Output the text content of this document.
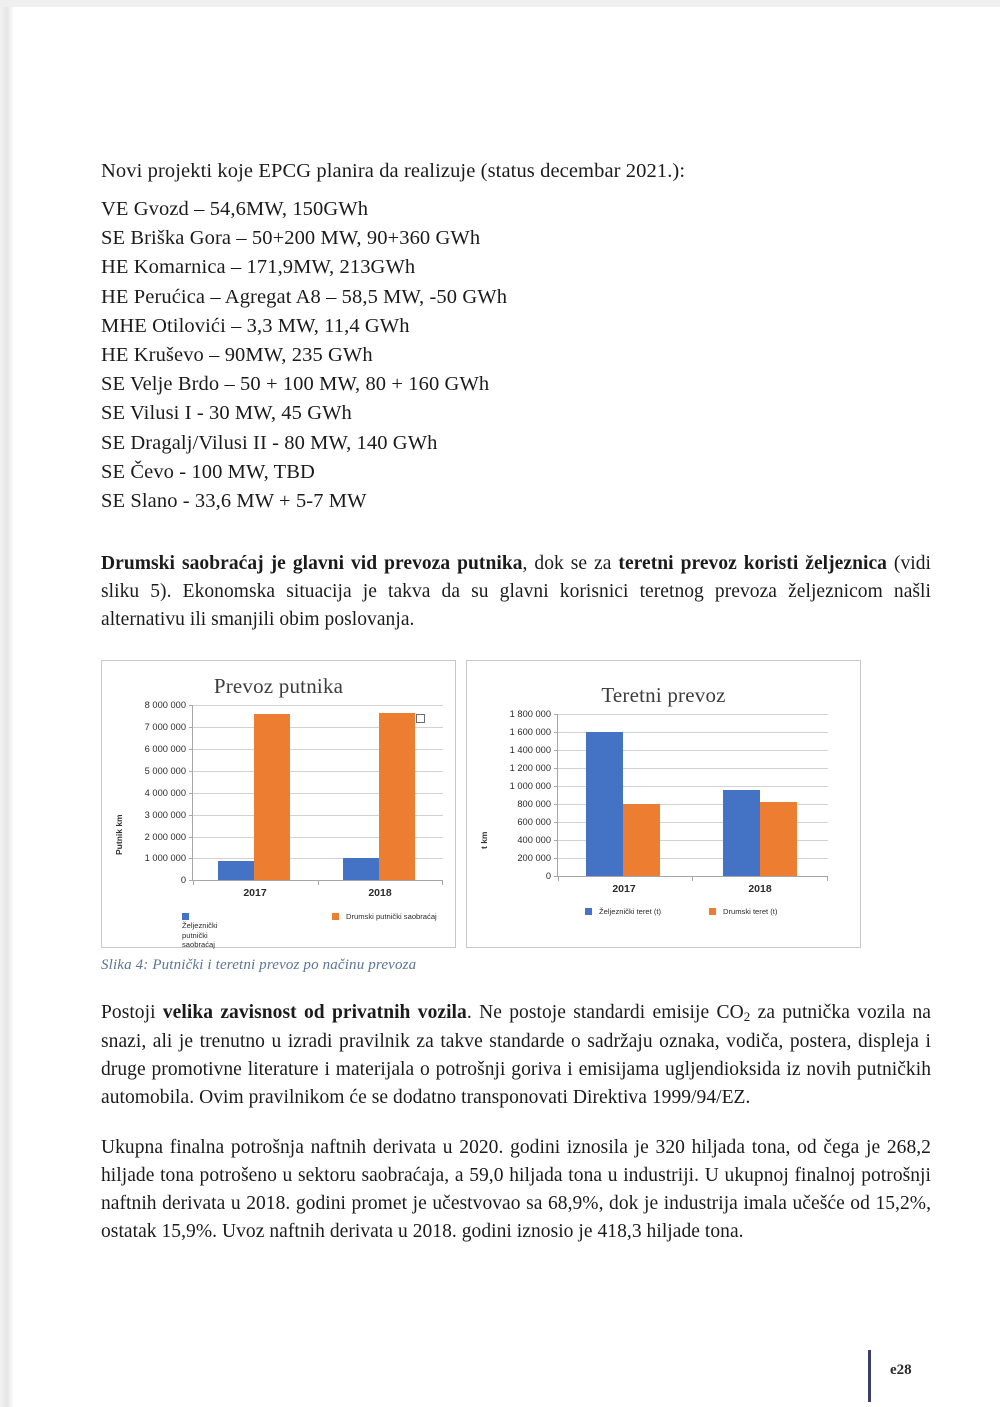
Novi projekti koje EPCG planira da realizuje (status decembar 2021.):

VE Gvozd – 54,6MW, 150GWh
SE Briška Gora – 50+200 MW, 90+360 GWh
HE Komarnica – 171,9MW, 213GWh
HE Perućica – Agregat A8 – 58,5 MW, -50 GWh
MHE Otilovići – 3,3 MW, 11,4 GWh
HE Kruševo – 90MW, 235 GWh
SE Velje Brdo – 50 + 100 MW, 80 + 160 GWh
SE Vilusi I - 30 MW, 45 GWh
SE Dragalj/Vilusi II - 80 MW, 140 GWh
SE Čevo - 100 MW, TBD
SE Slano - 33,6 MW + 5-7 MW

Drumski saobraćaj je glavni vid prevoza putnika, dok se za teretni prevoz koristi željeznica (vidi sliku 5). Ekonomska situacija je takva da su glavni korisnici teretnog prevoza željeznicom našli alternativu ili smanjili obim poslovanja.

Prevoz putnika
Putnik km
8 000 000
7 000 000
6 000 000
5 000 000
4 000 000
3 000 000
2 000 000
1 000 000
0
2017	2018
Željeznički putnički saobraćaj
Drumski putnički saobraćaj
Teretni prevoz
t km
1 800 000
1 600 000
1 400 000
1 200 000
1 000 000
800 000
600 000
400 000
200 000
0
2017	2018
Željeznički teret (t)	Drumski teret (t)
Slika 4: Putnički i teretni prevoz po načinu prevoza

Postoji velika zavisnost od privatnih vozila. Ne postoje standardi emisije $CO_2$ za putnička vozila na snazi, ali je trenutno u izradi pravilnik za takve standarde o sadržaju oznaka, vodiča, postera, displeja i druge promotivne literature i materijala o potrošnji goriva i emisijama ugljendioksida iz novih putničkih automobila. Ovim pravilnikom će se dodatno transponovati Direktiva 1999/94/EZ.

Ukupna finalna potrošnja naftnih derivata u 2020. godini iznosila je 320 hiljada tona, od čega je 268,2 hiljade tona potrošeno u sektoru saobraćaja, a 59,0 hiljada tona u industriji. U ukupnoj finalnoj potrošnji naftnih derivata u 2018. godini promet je učestvovao sa 68,9%, dok je industrija imala učešće od 15,2%, ostatak 15,9%. Uvoz naftnih derivata u 2018. godini iznosio je 418,3 hiljade tona.

e28
